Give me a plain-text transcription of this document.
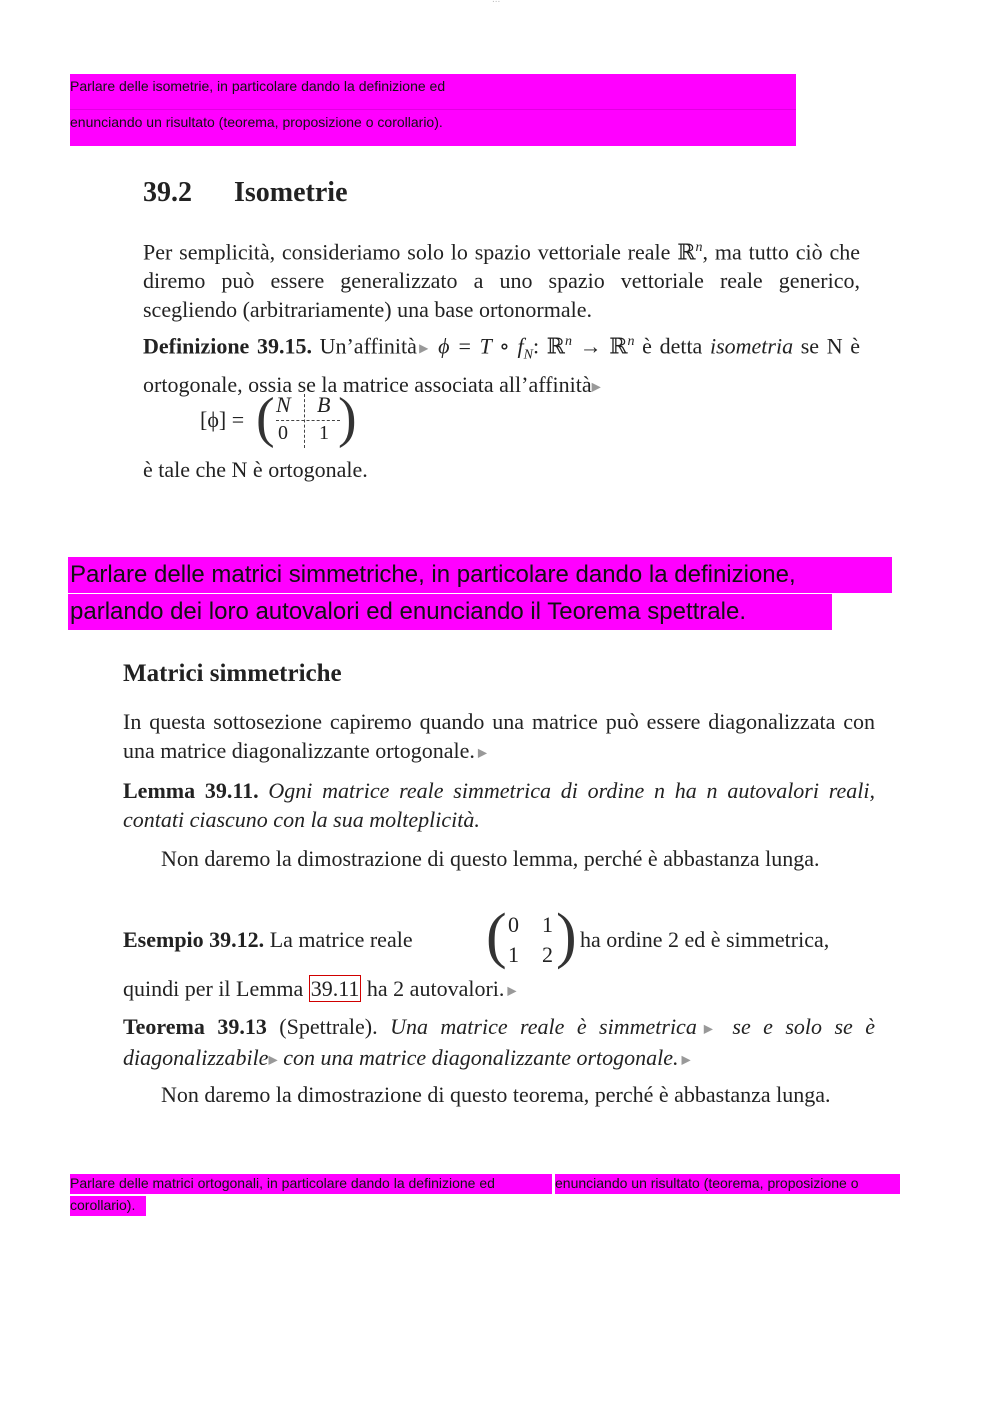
Parlare delle isometrie, in particolare dando la definizione ed
enunciando un risultato (teorema, proposizione o corollario).
39.2 Isometrie
Per semplicità, consideriamo solo lo spazio vettoriale reale ℝ$^n$, ma tutto ciò che diremo può essere generalizzato a uno spazio vettoriale reale generico, scegliendo (arbitrariamente) una base ortonormale.
Definizione 39.15. Un’affinità▶ ϕ = T ∘ $f_N$: ℝ$^n$ → ℝ$^n$ è detta isometria se N è ortogonale, ossia se la matrice associata all’affinità▶
[ϕ] = ( N B
0 1 )
è tale che N è ortogonale.
Parlare delle matrici simmetriche, in particolare dando la definizione,
parlando dei loro autovalori ed enunciando il Teorema spettrale.
Matrici simmetriche
In questa sottosezione capiremo quando una matrice può essere diagonalizzata con una matrice diagonalizzante ortogonale. ▶
Lemma 39.11. Ogni matrice reale simmetrica di ordine n ha n autovalori reali, contati ciascuno con la sua molteplicità.
Non daremo la dimostrazione di questo lemma, perché è abbastanza lunga.
Esempio 39.12. La matrice reale	( 0 1
1 2 ) ha ordine 2 ed è simmetrica,
quindi per il Lemma 39.11 ha 2 autovalori. ▶
Teorema 39.13 (Spettrale). Una matrice reale è simmetrica▶ se e solo se è diagonalizzabile▶ con una matrice diagonalizzante ortogonale. ▶
Non daremo la dimostrazione di questo teorema, perché è abbastanza lunga.
Parlare delle matrici ortogonali, in particolare dando la definizione ed	enunciando un risultato (teorema, proposizione o
corollario).
